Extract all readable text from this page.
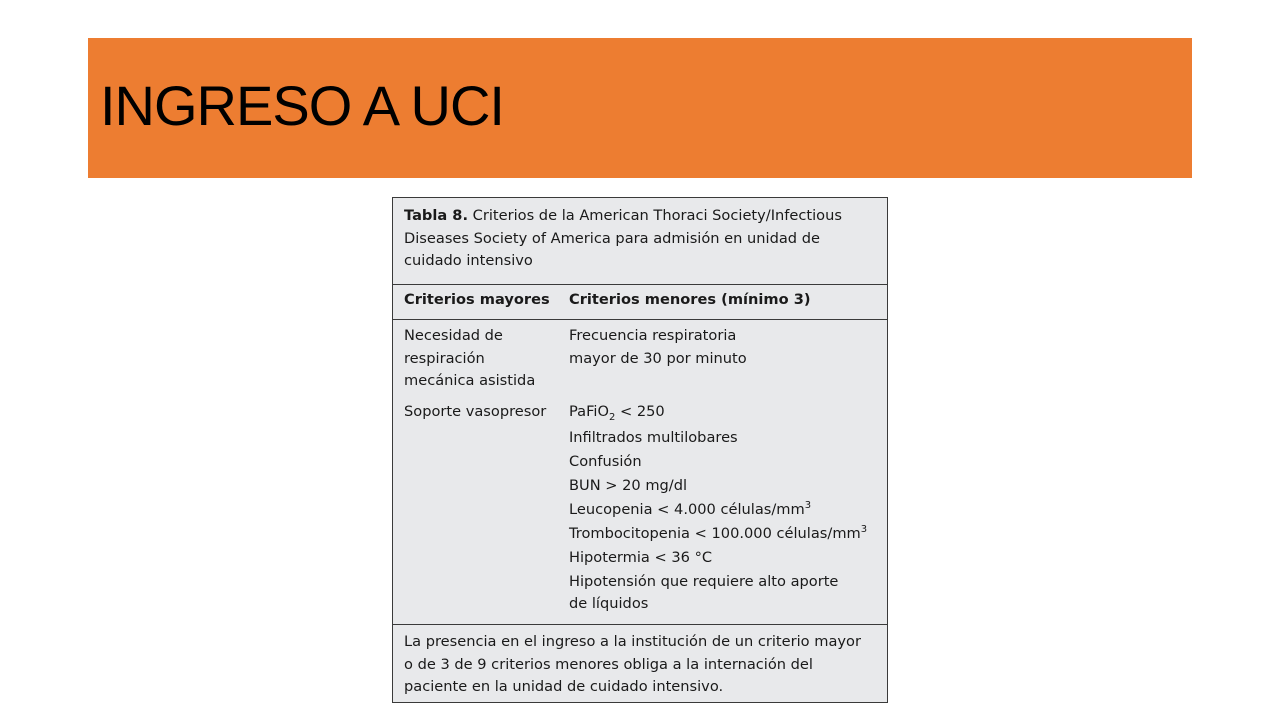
INGRESO A UCI
Tabla 8. Criterios de la American Thoraci Society/Infectious
Diseases Society of America para admisión en unidad de
cuidado intensivo
Criterios mayores Criterios menores (mínimo 3)
Necesidad de
respiración
mecánica asistida
Soporte vasopresor
Frecuencia respiratoria
mayor de 30 por minuto
PaFiO$_2$ < 250
Infiltrados multilobares
Confusión
BUN > 20 mg/dl
Leucopenia < 4.000 células/$mm^3$
Trombocitopenia < 100.000 células/$mm^3$
Hipotermia < 36 °C
Hipotensión que requiere alto aporte
de líquidos
La presencia en el ingreso a la institución de un criterio mayor
o de 3 de 9 criterios menores obliga a la internación del
paciente en la unidad de cuidado intensivo.
